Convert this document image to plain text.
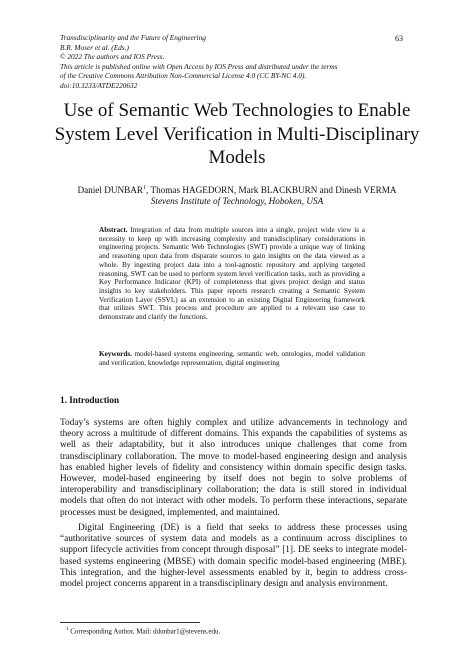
Transdisciplinarity and the Future of Engineering
B.R. Moser et al. (Eds.)
© 2022 The authors and IOS Press.
This article is published online with Open Access by IOS Press and distributed under the terms
of the Creative Commons Attribution Non-Commercial License 4.0 (CC BY-NC 4.0).
doi:10.3233/ATDE220632
63
Use of Semantic Web Technologies to Enable System Level Verification in Multi-Disciplinary Models
Daniel DUNBAR$^1$, Thomas HAGEDORN, Mark BLACKBURN and Dinesh VERMA
Stevens Institute of Technology, Hoboken, USA
Abstract. Integration of data from multiple sources into a single, project wide view is a necessity to keep up with increasing complexity and transdisciplinary considerations in engineering projects. Semantic Web Technologies (SWT) provide a unique way of linking and reasoning upon data from disparate sources to gain insights on the data viewed as a whole. By ingesting project data into a tool-agnostic repository and applying targeted reasoning, SWT can be used to perform system level verification tasks, such as providing a Key Performance Indicator (KPI) of completeness that gives project design and status insights to key stakeholders. This paper reports research creating a Semantic System Verification Layer (SSVL) as an extension to an existing Digital Engineering framework that utilizes SWT. This process and procedure are applied to a relevant use case to demonstrate and clarify the functions.
Keywords. model-based systems engineering, semantic web, ontologies, model validation and verification, knowledge representation, digital engineering
1. Introduction
Today’s systems are often highly complex and utilize advancements in technology and theory across a multitude of different domains. This expands the capabilities of systems as well as their adaptability, but it also introduces unique challenges that come from transdisciplinary collaboration. The move to model-based engineering design and analysis has enabled higher levels of fidelity and consistency within domain specific design tasks. However, model-based engineering by itself does not begin to solve problems of interoperability and transdisciplinary collaboration; the data is still stored in individual models that often do not interact with other models. To perform these interactions, separate processes must be designed, implemented, and maintained.
Digital Engineering (DE) is a field that seeks to address these processes using “authoritative sources of system data and models as a continuum across disciplines to support lifecycle activities from concept through disposal” [1]. DE seeks to integrate model-based systems engineering (MBSE) with domain specific model-based engineering (MBE). This integration, and the higher-level assessments enabled by it, begin to address cross-model project concerns apparent in a transdisciplinary design and analysis environment.
$^1$ Corresponding Author, Mail: ddunbar1@stevens.edu.
